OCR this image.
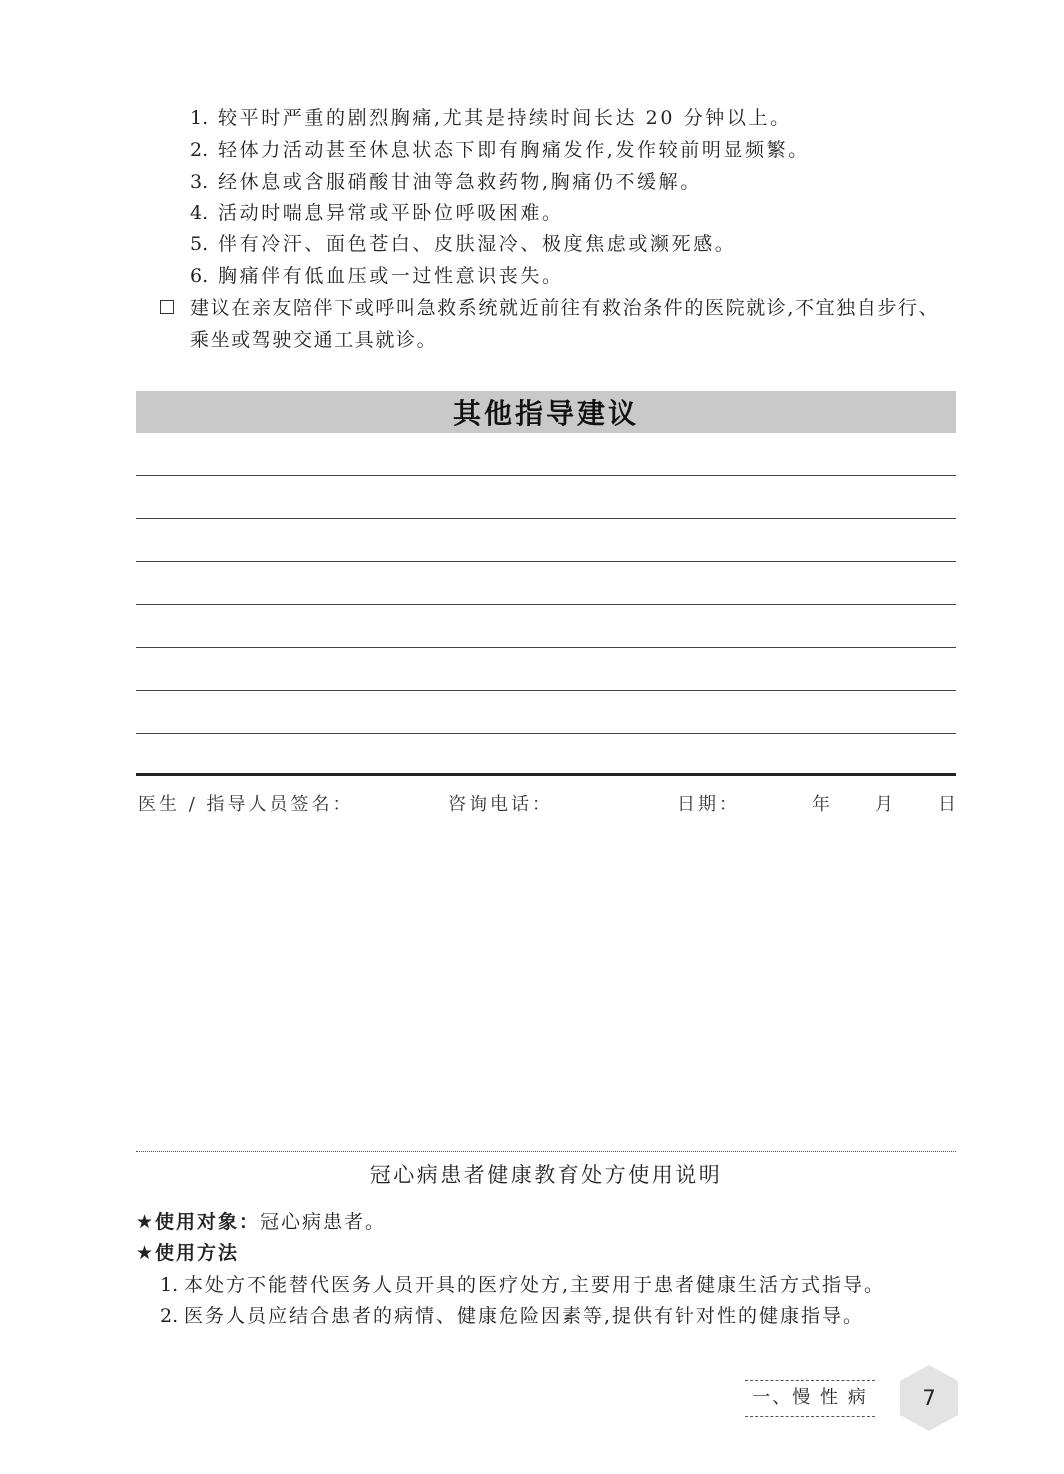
1. 较平时严重的剧烈胸痛,尤其是持续时间长达 20 分钟以上。
2. 轻体力活动甚至休息状态下即有胸痛发作,发作较前明显频繁。
3. 经休息或含服硝酸甘油等急救药物,胸痛仍不缓解。
4. 活动时喘息异常或平卧位呼吸困难。
5. 伴有冷汗、面色苍白、皮肤湿冷、极度焦虑或濒死感。
6. 胸痛伴有低血压或一过性意识丧失。
建议在亲友陪伴下或呼叫急救系统就近前往有救治条件的医院就诊,不宜独自步行、
乘坐或驾驶交通工具就诊。
其他指导建议
医生 / 指导人员签名：	咨询电话：	日期：	年 月 日
冠心病患者健康教育处方使用说明
★使用对象：冠心病患者。
★使用方法
1. 本处方不能替代医务人员开具的医疗处方,主要用于患者健康生活方式指导。
2. 医务人员应结合患者的病情、健康危险因素等,提供有针对性的健康指导。
一、慢 性 病	7
